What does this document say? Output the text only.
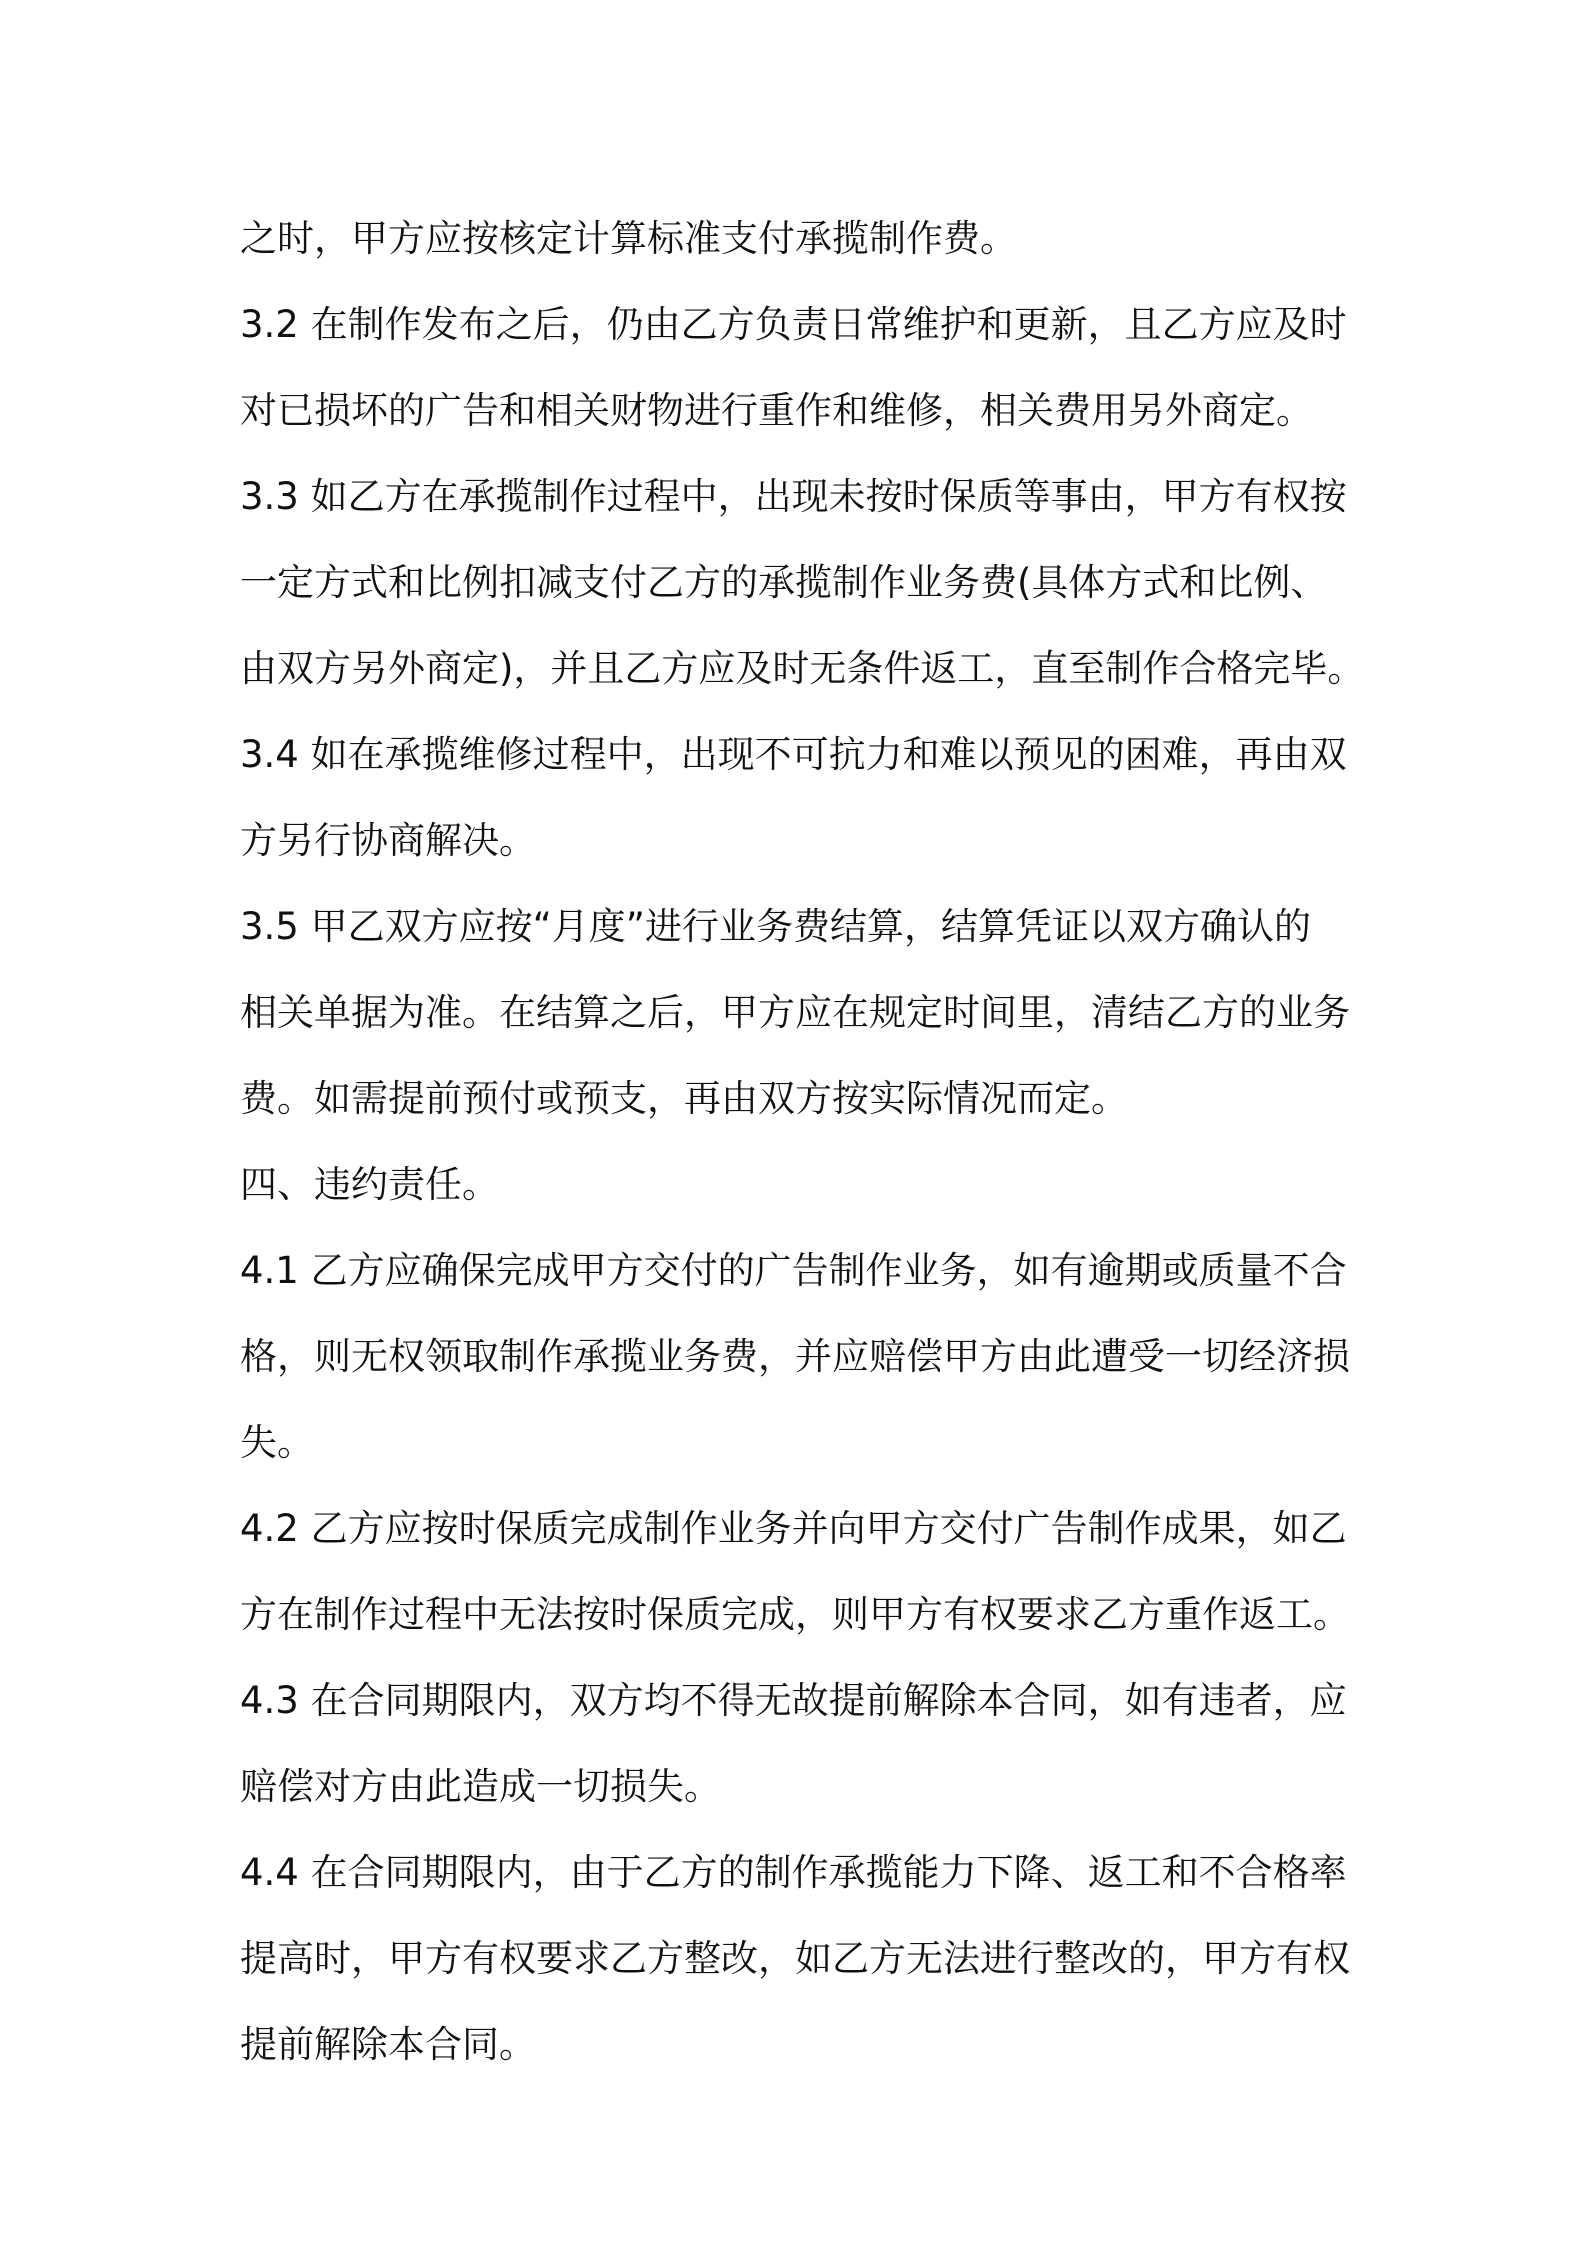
之时，甲方应按核定计算标准支付承揽制作费。
3.2 在制作发布之后，仍由乙方负责日常维护和更新，且乙方应及时
对已损坏的广告和相关财物进行重作和维修，相关费用另外商定。
3.3 如乙方在承揽制作过程中，出现未按时保质等事由，甲方有权按
一定方式和比例扣减支付乙方的承揽制作业务费(具体方式和比例、
由双方另外商定)，并且乙方应及时无条件返工，直至制作合格完毕。
3.4 如在承揽维修过程中，出现不可抗力和难以预见的困难，再由双
方另行协商解决。
3.5 甲乙双方应按“月度”进行业务费结算，结算凭证以双方确认的
相关单据为准。在结算之后，甲方应在规定时间里，清结乙方的业务
费。如需提前预付或预支，再由双方按实际情况而定。
四、违约责任。
4.1 乙方应确保完成甲方交付的广告制作业务，如有逾期或质量不合
格，则无权领取制作承揽业务费，并应赔偿甲方由此遭受一切经济损
失。
4.2 乙方应按时保质完成制作业务并向甲方交付广告制作成果，如乙
方在制作过程中无法按时保质完成，则甲方有权要求乙方重作返工。
4.3 在合同期限内，双方均不得无故提前解除本合同，如有违者，应
赔偿对方由此造成一切损失。
4.4 在合同期限内，由于乙方的制作承揽能力下降、返工和不合格率
提高时，甲方有权要求乙方整改，如乙方无法进行整改的，甲方有权
提前解除本合同。
